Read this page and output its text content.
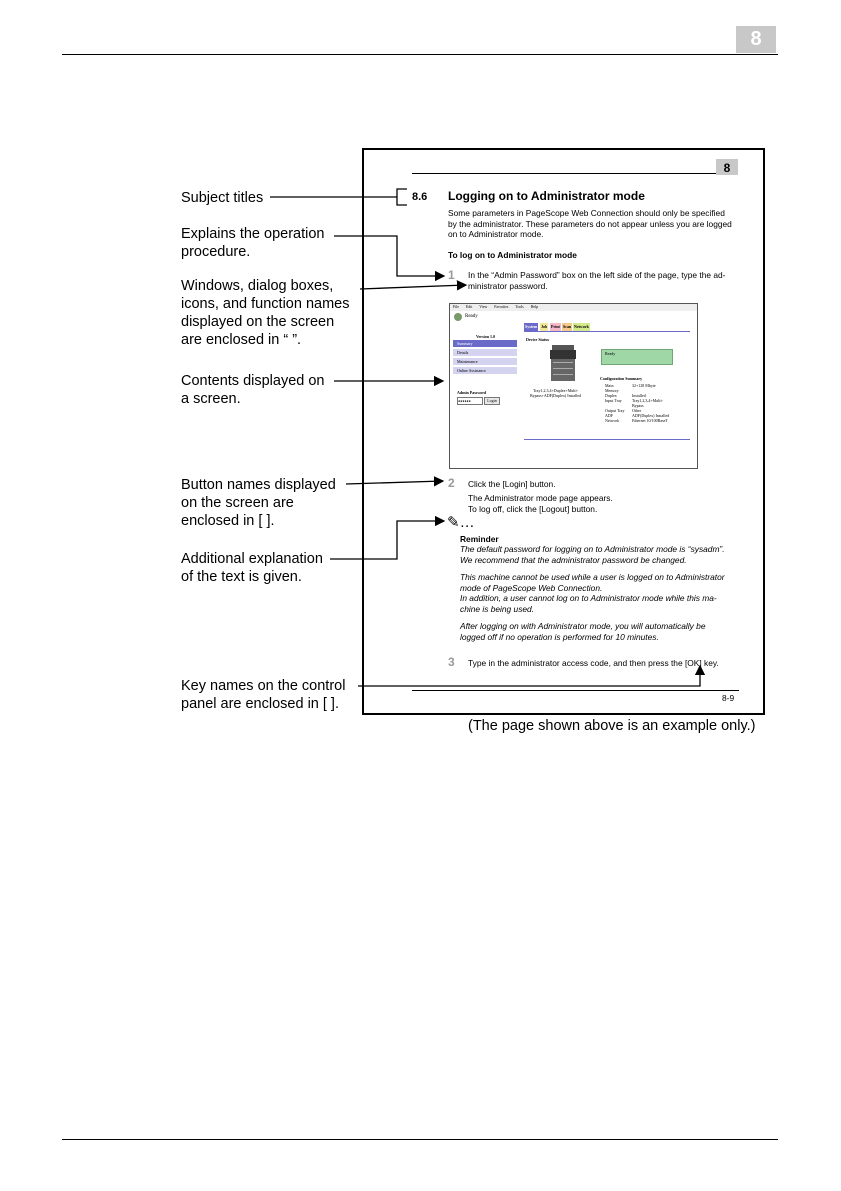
8
Subject titles
Explains the operation
procedure.
Windows, dialog boxes,
icons, and function names
displayed on the screen
are enclosed in “ ”.
Contents displayed on
a screen.
Button names displayed
on the screen are
enclosed in [ ].
Additional explanation
of the text is given.
Key names on the control
panel are enclosed in [ ].
8
8.6 Logging on to Administrator mode
Some parameters in PageScope Web Connection should only be specified
by the administrator. These parameters do not appear unless you are logged
on to Administrator mode.
To log on to Administrator mode
1 In the “Admin Password” box on the left side of the page, type the ad-
ministrator password.
File Edit View Favorites Tools Help
Ready
Version 1.0
Summary
Details
Maintenance
Online Assistance
Admin Password
●●●●●●	Login
System Job Print Scan Network
Device Status
Tray1,2,3,4+Duplex+Multi-
Bypass+ADF(Duplex) Installed
Ready
Configuration Summary
Main
Memory
Duplex
Input Tray
Output Tray
ADF
Network
32+128 Mbyte
Installed
Tray1,2,3,4+Multi-
Bypass
Other
ADF(Duplex) Installed
Ethernet 10/100BaseT
2 Click the [Login] button.
The Administrator mode page appears.
To log off, click the [Logout] button.
✎…
Reminder
The default password for logging on to Administrator mode is “sysadm”.
We recommend that the administrator password be changed.
This machine cannot be used while a user is logged on to Administrator
mode of PageScope Web Connection.
In addition, a user cannot log on to Administrator mode while this ma-
chine is being used.
After logging on with Administrator mode, you will automatically be
logged off if no operation is performed for 10 minutes.
3 Type in the administrator access code, and then press the [OK] key.
8-9
(The page shown above is an example only.)
